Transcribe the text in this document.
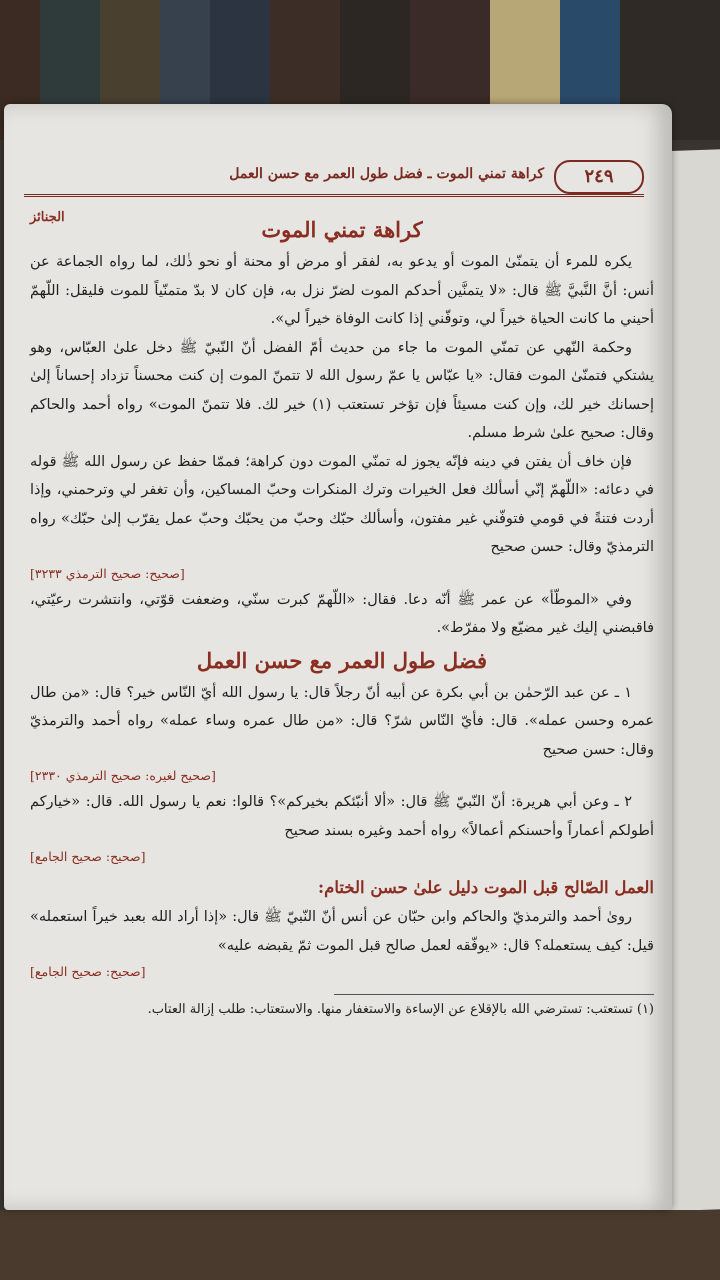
٢٤٩
كراهة تمني الموت ـ فضل طول العمر مع حسن العمل
الجنائز	كراهة تمني الموت

يكره للمرء أن يتمنّىٰ الموت أو يدعو به، لفقر أو مرض أو محنة أو نحو ذٰلك، لما رواه الجماعة عن أنس: أنَّ النَّبيَّ ﷺ قال: «لا يتمنَّين أحدكم الموت لضرّ نزل به، فإن كان لا بدّ متمنّياً للموت فليقل: اللّهمّ أحيني ما كانت الحياة خيراً لي، وتوفّني إذا كانت الوفاة خيراً لي».

وحكمة النّهي عن تمنّي الموت ما جاء من حديث أمّ الفضل أنّ النّبيّ ﷺ دخل علىٰ العبّاس، وهو يشتكي فتمنّىٰ الموت فقال: «يا عبّاس يا عمّ رسول الله لا تتمنّ الموت إن كنت محسناً تزداد إحساناً إلىٰ إحسانك خير لك، وإن كنت مسيئاً فإن تؤخر تستعتب (١) خير لك. فلا تتمنّ الموت» رواه أحمد والحاكم وقال: صحيح علىٰ شرط مسلم.

فإن خاف أن يفتن في دينه فإنّه يجوز له تمنّي الموت دون كراهة؛ فممّا حفظ عن رسول الله ﷺ قوله في دعائه: «اللّهمّ إنّي أسألك فعل الخيرات وترك المنكرات وحبّ المساكين، وأن تغفر لي وترحمني، وإذا أردت فتنةً في قومي فتوفّني غير مفتون، وأسألك حبّك وحبّ من يحبّك وحبّ عمل يقرّب إلىٰ حبّك» رواه الترمذيّ وقال: حسن صحيح

[صحيح: صحيح الترمذي ٣٢٣٣]

وفي «الموطّأ» عن عمر ﷺ أنّه دعا. فقال: «اللّهمّ كبرت سنّي، وضعفت قوّتي، وانتشرت رعيّتي، فاقبضني إليك غير مضيّع ولا مفرّط».

فضل طول العمر مع حسن العمل

١ ـ عن عبد الرّحمٰن بن أبي بكرة عن أبيه أنّ رجلاً قال: يا رسول الله أيّ النّاس خير؟ قال: «من طال عمره وحسن عمله». قال: فأيّ النّاس شرّ؟ قال: «من طال عمره وساء عمله» رواه أحمد والترمذيّ وقال: حسن صحيح

[صحيح لغيره: صحيح الترمذي ٢٣٣٠]

٢ ـ وعن أبي هريرة: أنّ النّبيّ ﷺ قال: «ألا أنبّئكم بخيركم»؟ قالوا: نعم يا رسول الله. قال: «خياركم أطولكم أعماراً وأحسنكم أعمالاً» رواه أحمد وغيره بسند صحيح

[صحيح: صحيح الجامع]
العمل الصّالح قبل الموت دليل علىٰ حسن الختام:

روىٰ أحمد والترمذيّ والحاكم وابن حبّان عن أنس أنّ النّبيّ ﷺ قال: «إذا أراد الله بعبد خيراً استعمله» قيل: كيف يستعمله؟ قال: «يوفّقه لعمل صالح قبل الموت ثمّ يقبضه عليه»

[صحيح: صحيح الجامع]

(١) تستعتب: تسترضي الله بالإقلاع عن الإساءة والاستغفار منها. والاستعتاب: طلب إزالة العتاب.
